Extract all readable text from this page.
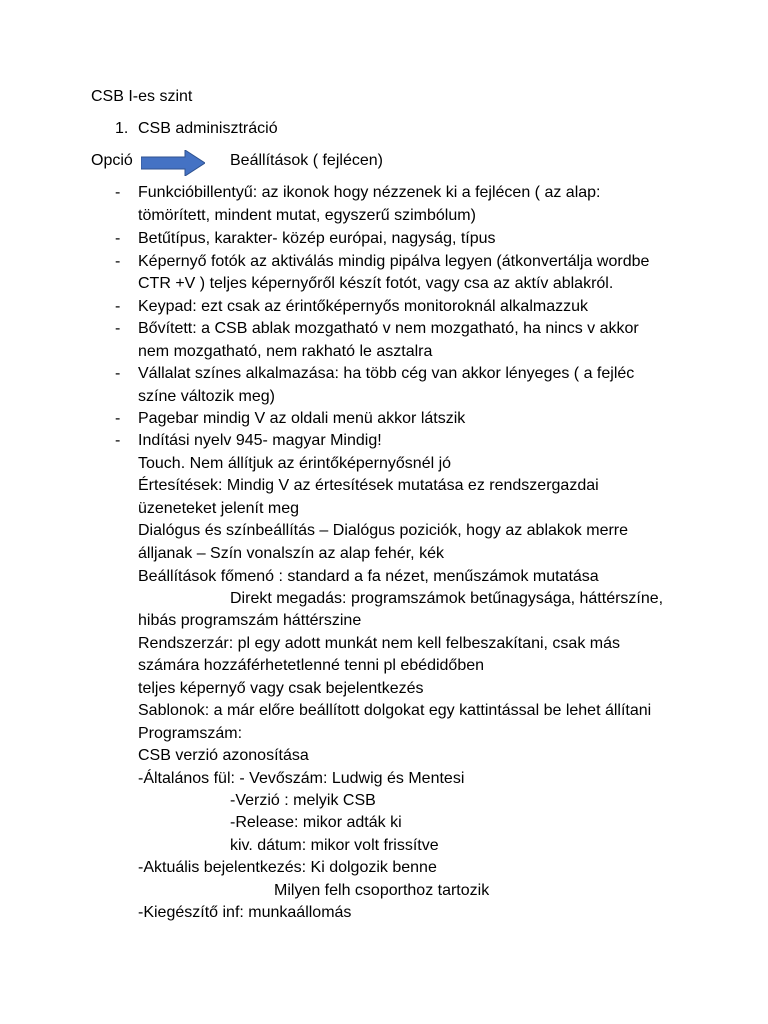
CSB I-es szint
1. CSB adminisztráció
Opció	Beállítások ( fejlécen)
- Funkcióbillentyű: az ikonok hogy nézzenek ki a fejlécen ( az alap:
tömörített, mindent mutat, egyszerű szimbólum)
- Betűtípus, karakter- közép európai, nagyság, típus
- Képernyő fotók az aktiválás mindig pipálva legyen (átkonvertálja wordbe
CTR +V ) teljes képernyőről készít fotót, vagy csa az aktív ablakról.
- Keypad: ezt csak az érintőképernyős monitoroknál alkalmazzuk
- Bővített: a CSB ablak mozgatható v nem mozgatható, ha nincs ᴠ akkor
nem mozgatható, nem rakható le asztalra
- Vállalat színes alkalmazása: ha több cég van akkor lényeges ( a fejléc
színe változik meg)
- Pagebar mindig V az oldali menü akkor látszik
- Indítási nyelv 945- magyar Mindig!
Touch. Nem állítjuk az érintőképernyősnél jó
Értesítések: Mindig V az értesítések mutatása ez rendszergazdai
üzeneteket jelenít meg
Dialógus és színbeállítás – Dialógus poziciók, hogy az ablakok merre
álljanak – Szín vonalszín az alap fehér, kék
Beállítások főmenó : standard a fa nézet, menűszámok mutatása
Direkt megadás: programszámok betűnagysága, háttérszíne,
hibás programszám háttérszine
Rendszerzár: pl egy adott munkát nem kell felbeszakítani, csak más
számára hozzáférhetetlenné tenni pl ebédidőben
teljes képernyő vagy csak bejelentkezés
Sablonok: a már előre beállított dolgokat egy kattintással be lehet állítani
Programszám:
CSB verzió azonosítása
-Általános fül: - Vevőszám: Ludwig és Mentesi
-Verzió : melyik CSB
-Release: mikor adták ki
kiv. dátum: mikor volt frissítve
-Aktuális bejelentkezés: Ki dolgozik benne
Milyen felh csoporthoz tartozik
-Kiegészítő inf: munkaállomás
